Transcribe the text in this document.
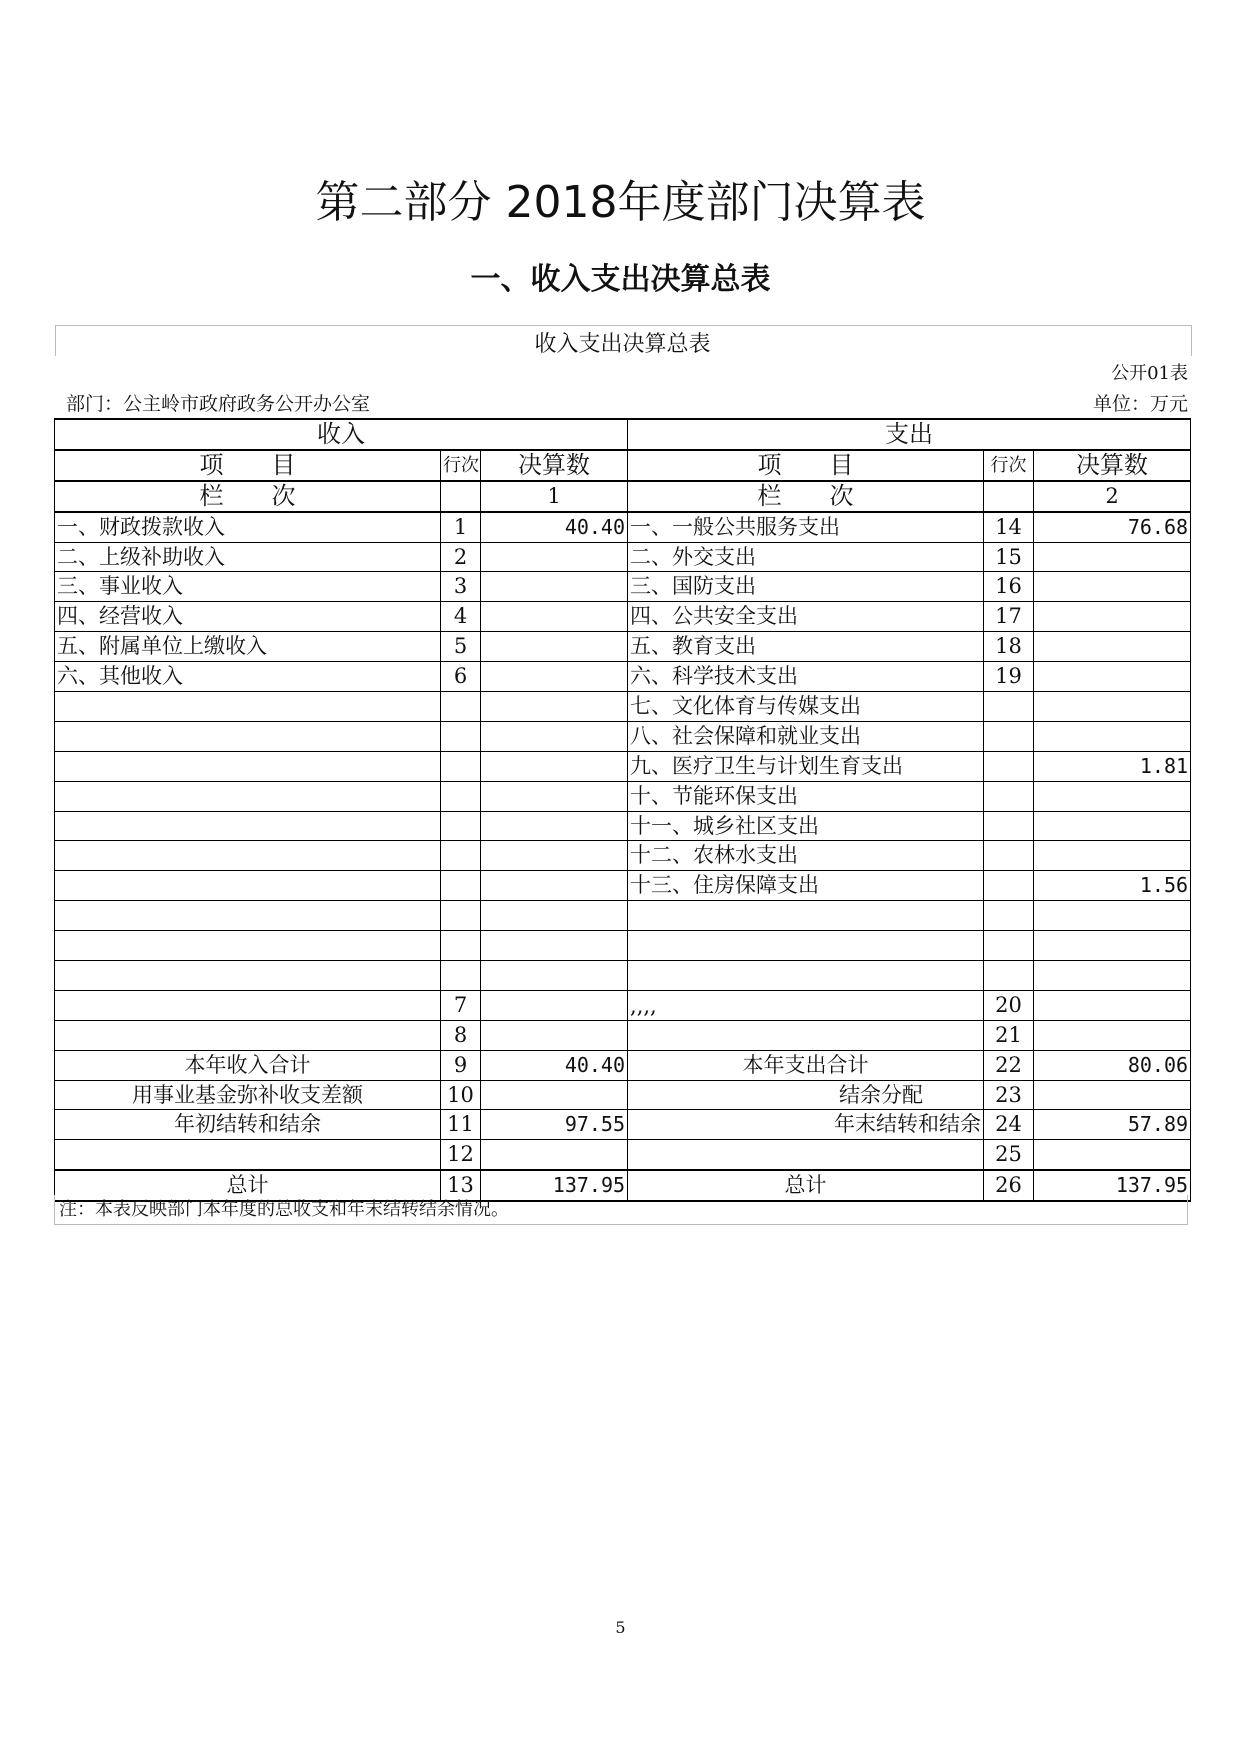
第二部分 2018年度部门决算表
一、收入支出决算总表
收入支出决算总表
公开01表
部门：公主岭市政府政务公开办公室	单位：万元
收入			支出		
项　　目	行次	决算数	项　　目	行次	决算数
栏　　次		1	栏　　次		2
一、财政拨款收入	1	40.40	一、一般公共服务支出	14	76.68
二、上级补助收入	2		二、外交支出	15	
三、事业收入	3		三、国防支出	16	
四、经营收入	4		四、公共安全支出	17	
五、附属单位上缴收入	5		五、教育支出	18	
六、其他收入	6		六、科学技术支出	19	
			七、文化体育与传媒支出		
			八、社会保障和就业支出		
			九、医疗卫生与计划生育支出		1.81
			十、节能环保支出		
			十一、城乡社区支出		
			十二、农林水支出		
			十三、住房保障支出		1.56

	7		,,,,	20	
	8			21	
本年收入合计	9	40.40	本年支出合计	22	80.06
用事业基金弥补收支差额	10		结余分配	23	
年初结转和结余	11	97.55	年末结转和结余	24	57.89
	12			25	
总计	13	137.95	总计	26	137.95
注：本表反映部门本年度的总收支和年末结转结余情况。
5
